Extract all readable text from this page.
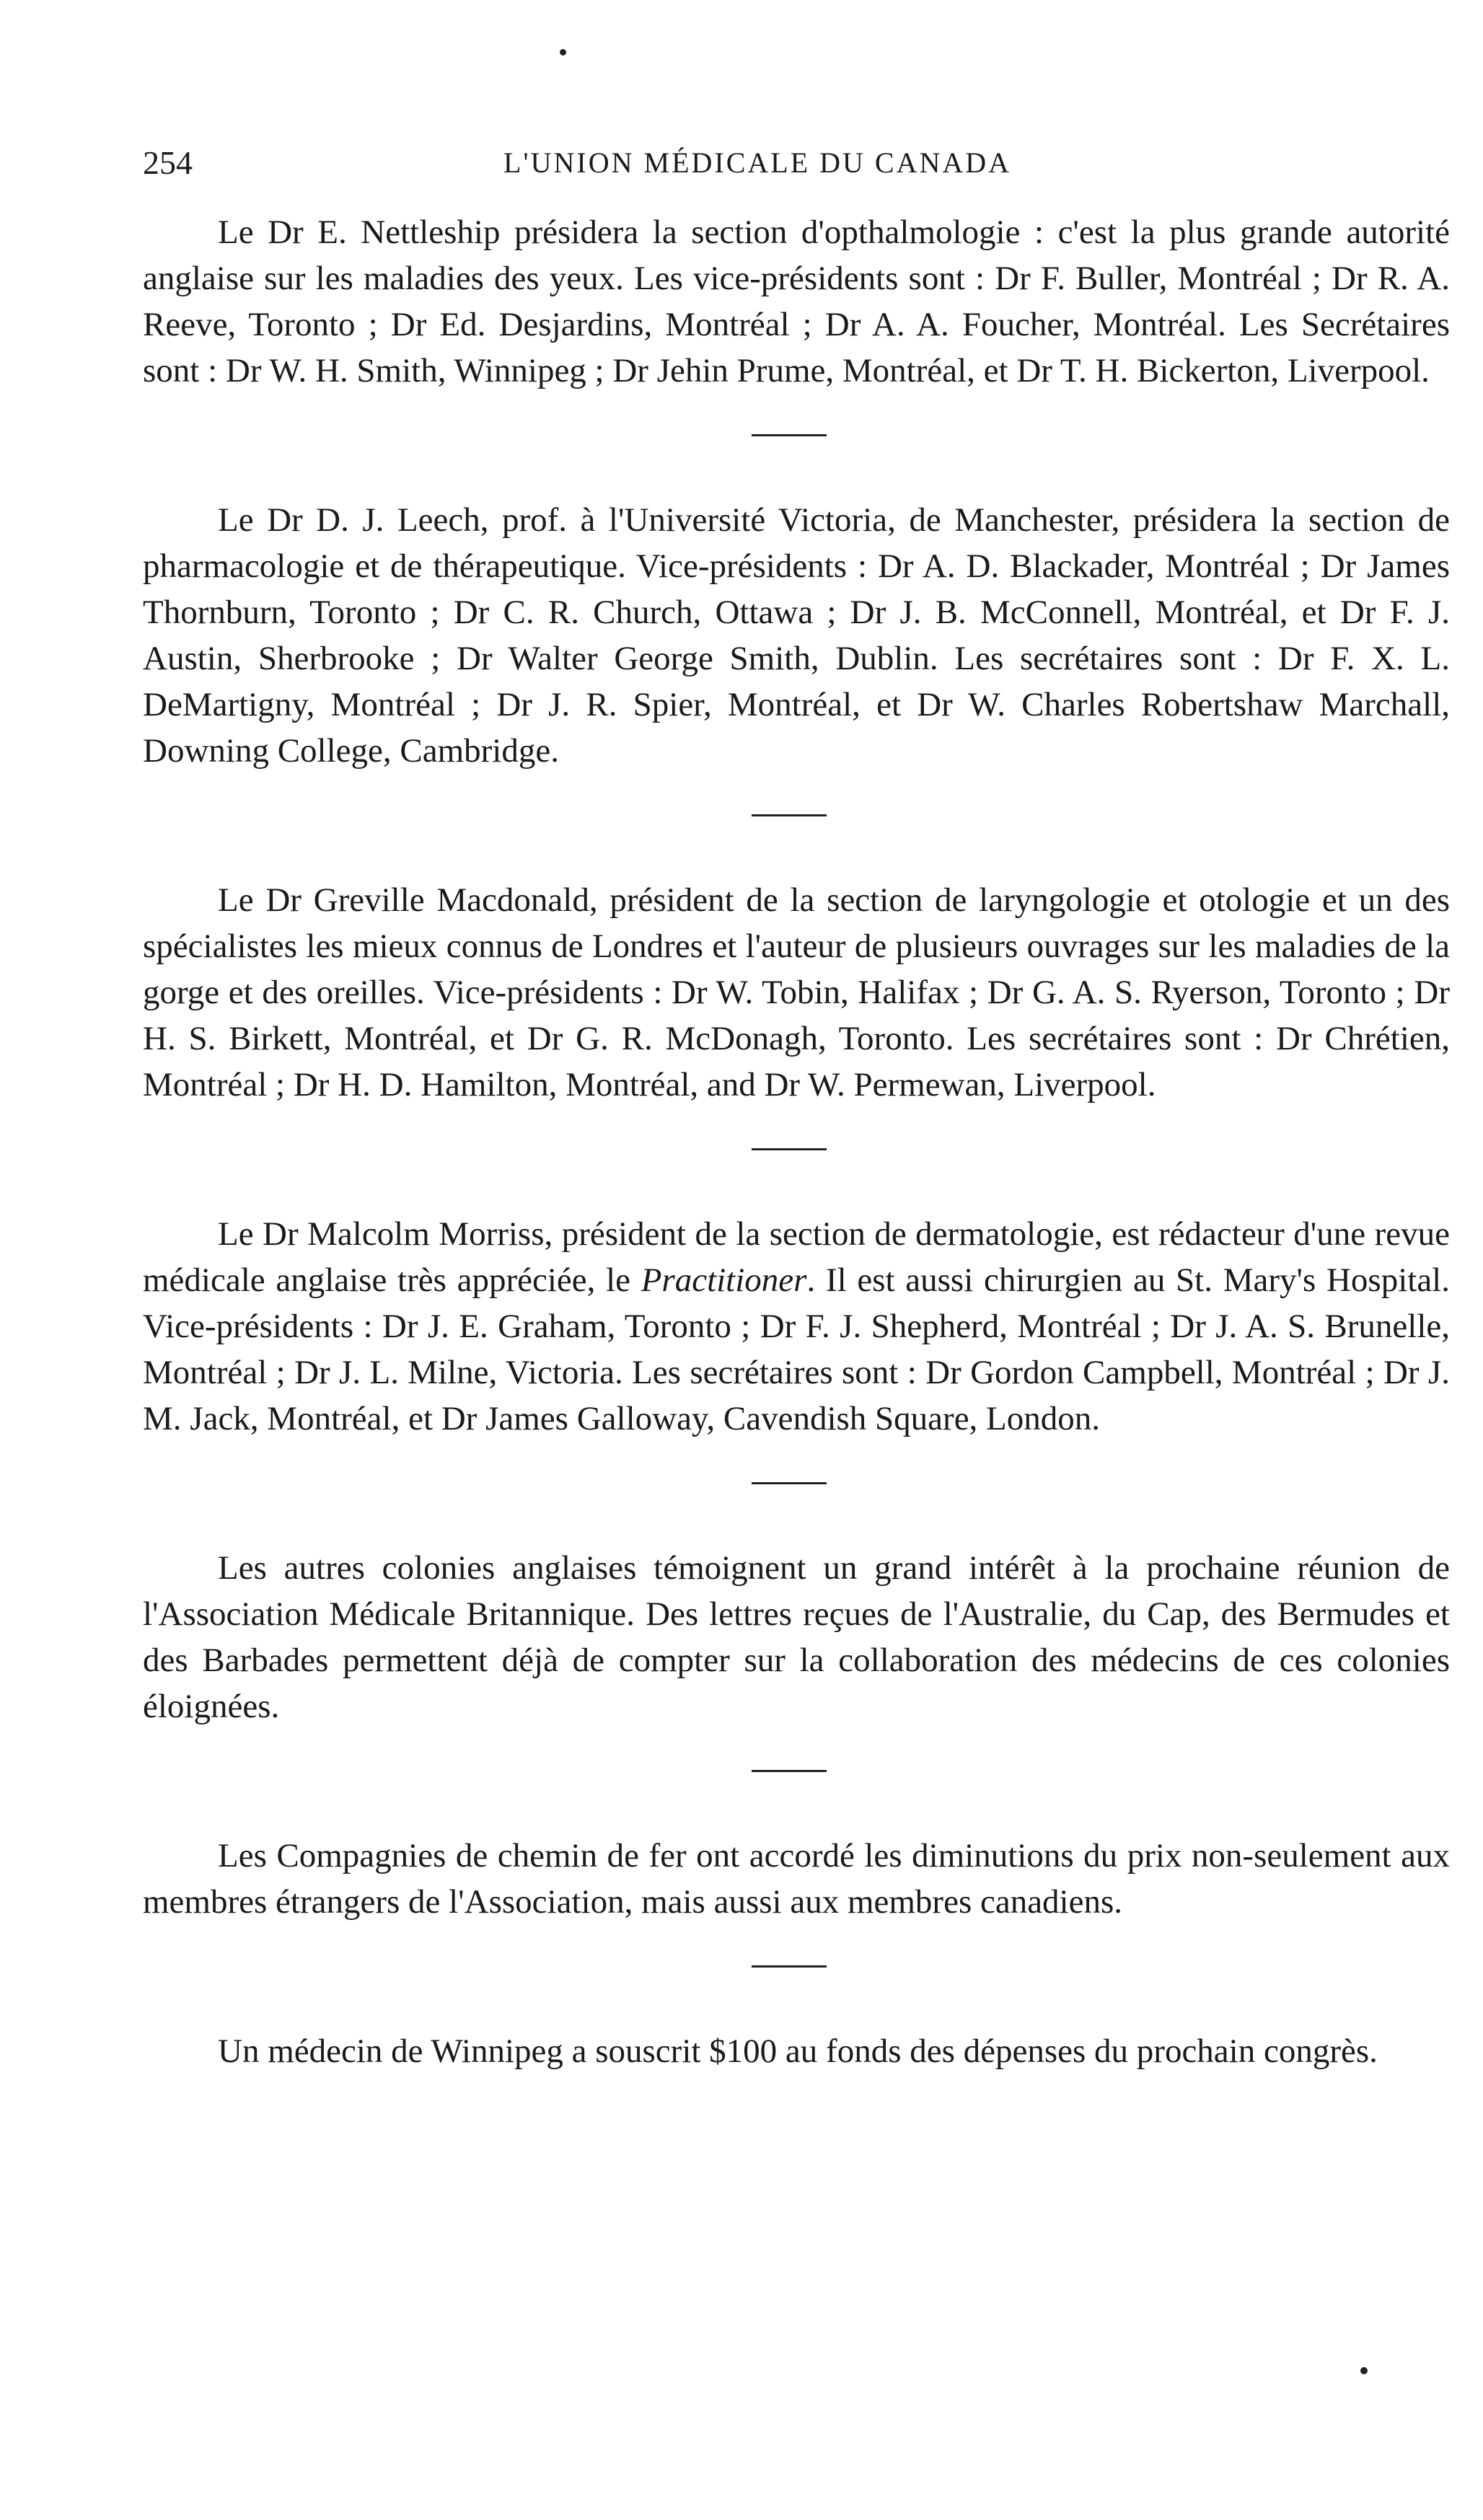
254	L'UNION MÉDICALE DU CANADA

Le Dr E. Nettleship présidera la section d'opthalmologie : c'est la plus grande autorité anglaise sur les maladies des yeux. Les vice-présidents sont : Dr F. Buller, Montréal ; Dr R. A. Reeve, Toronto ; Dr Ed. Desjardins, Montréal ; Dr A. A. Foucher, Montréal. Les Secrétaires sont : Dr W. H. Smith, Winnipeg ; Dr Jehin Prume, Montréal, et Dr T. H. Bickerton, Liverpool.

Le Dr D. J. Leech, prof. à l'Université Victoria, de Manchester, présidera la section de pharmacologie et de thérapeutique. Vice-présidents : Dr A. D. Blackader, Montréal ; Dr James Thornburn, Toronto ; Dr C. R. Church, Ottawa ; Dr J. B. McConnell, Montréal, et Dr F. J. Austin, Sherbrooke ; Dr Walter George Smith, Dublin. Les secrétaires sont : Dr F. X. L. DeMartigny, Montréal ; Dr J. R. Spier, Montréal, et Dr W. Charles Robertshaw Marchall, Downing College, Cambridge.

Le Dr Greville Macdonald, président de la section de laryngologie et otologie et un des spécialistes les mieux connus de Londres et l'auteur de plusieurs ouvrages sur les maladies de la gorge et des oreilles. Vice-présidents : Dr W. Tobin, Halifax ; Dr G. A. S. Ryerson, Toronto ; Dr H. S. Birkett, Montréal, et Dr G. R. McDonagh, Toronto. Les secrétaires sont : Dr Chrétien, Montréal ; Dr H. D. Hamilton, Montréal, and Dr W. Permewan, Liverpool.

Le Dr Malcolm Morriss, président de la section de dermatologie, est rédacteur d'une revue médicale anglaise très appréciée, le Practitioner. Il est aussi chirurgien au St. Mary's Hospital. Vice-présidents : Dr J. E. Graham, Toronto ; Dr F. J. Shepherd, Montréal ; Dr J. A. S. Brunelle, Montréal ; Dr J. L. Milne, Victoria. Les secrétaires sont : Dr Gordon Campbell, Montréal ; Dr J. M. Jack, Montréal, et Dr James Galloway, Cavendish Square, London.

Les autres colonies anglaises témoignent un grand intérêt à la prochaine réunion de l'Association Médicale Britannique. Des lettres reçues de l'Australie, du Cap, des Bermudes et des Barbades permettent déjà de compter sur la collaboration des médecins de ces colonies éloignées.

Les Compagnies de chemin de fer ont accordé les diminutions du prix non-seulement aux membres étrangers de l'Association, mais aussi aux membres canadiens.

Un médecin de Winnipeg a souscrit $100 au fonds des dépenses du prochain congrès.
